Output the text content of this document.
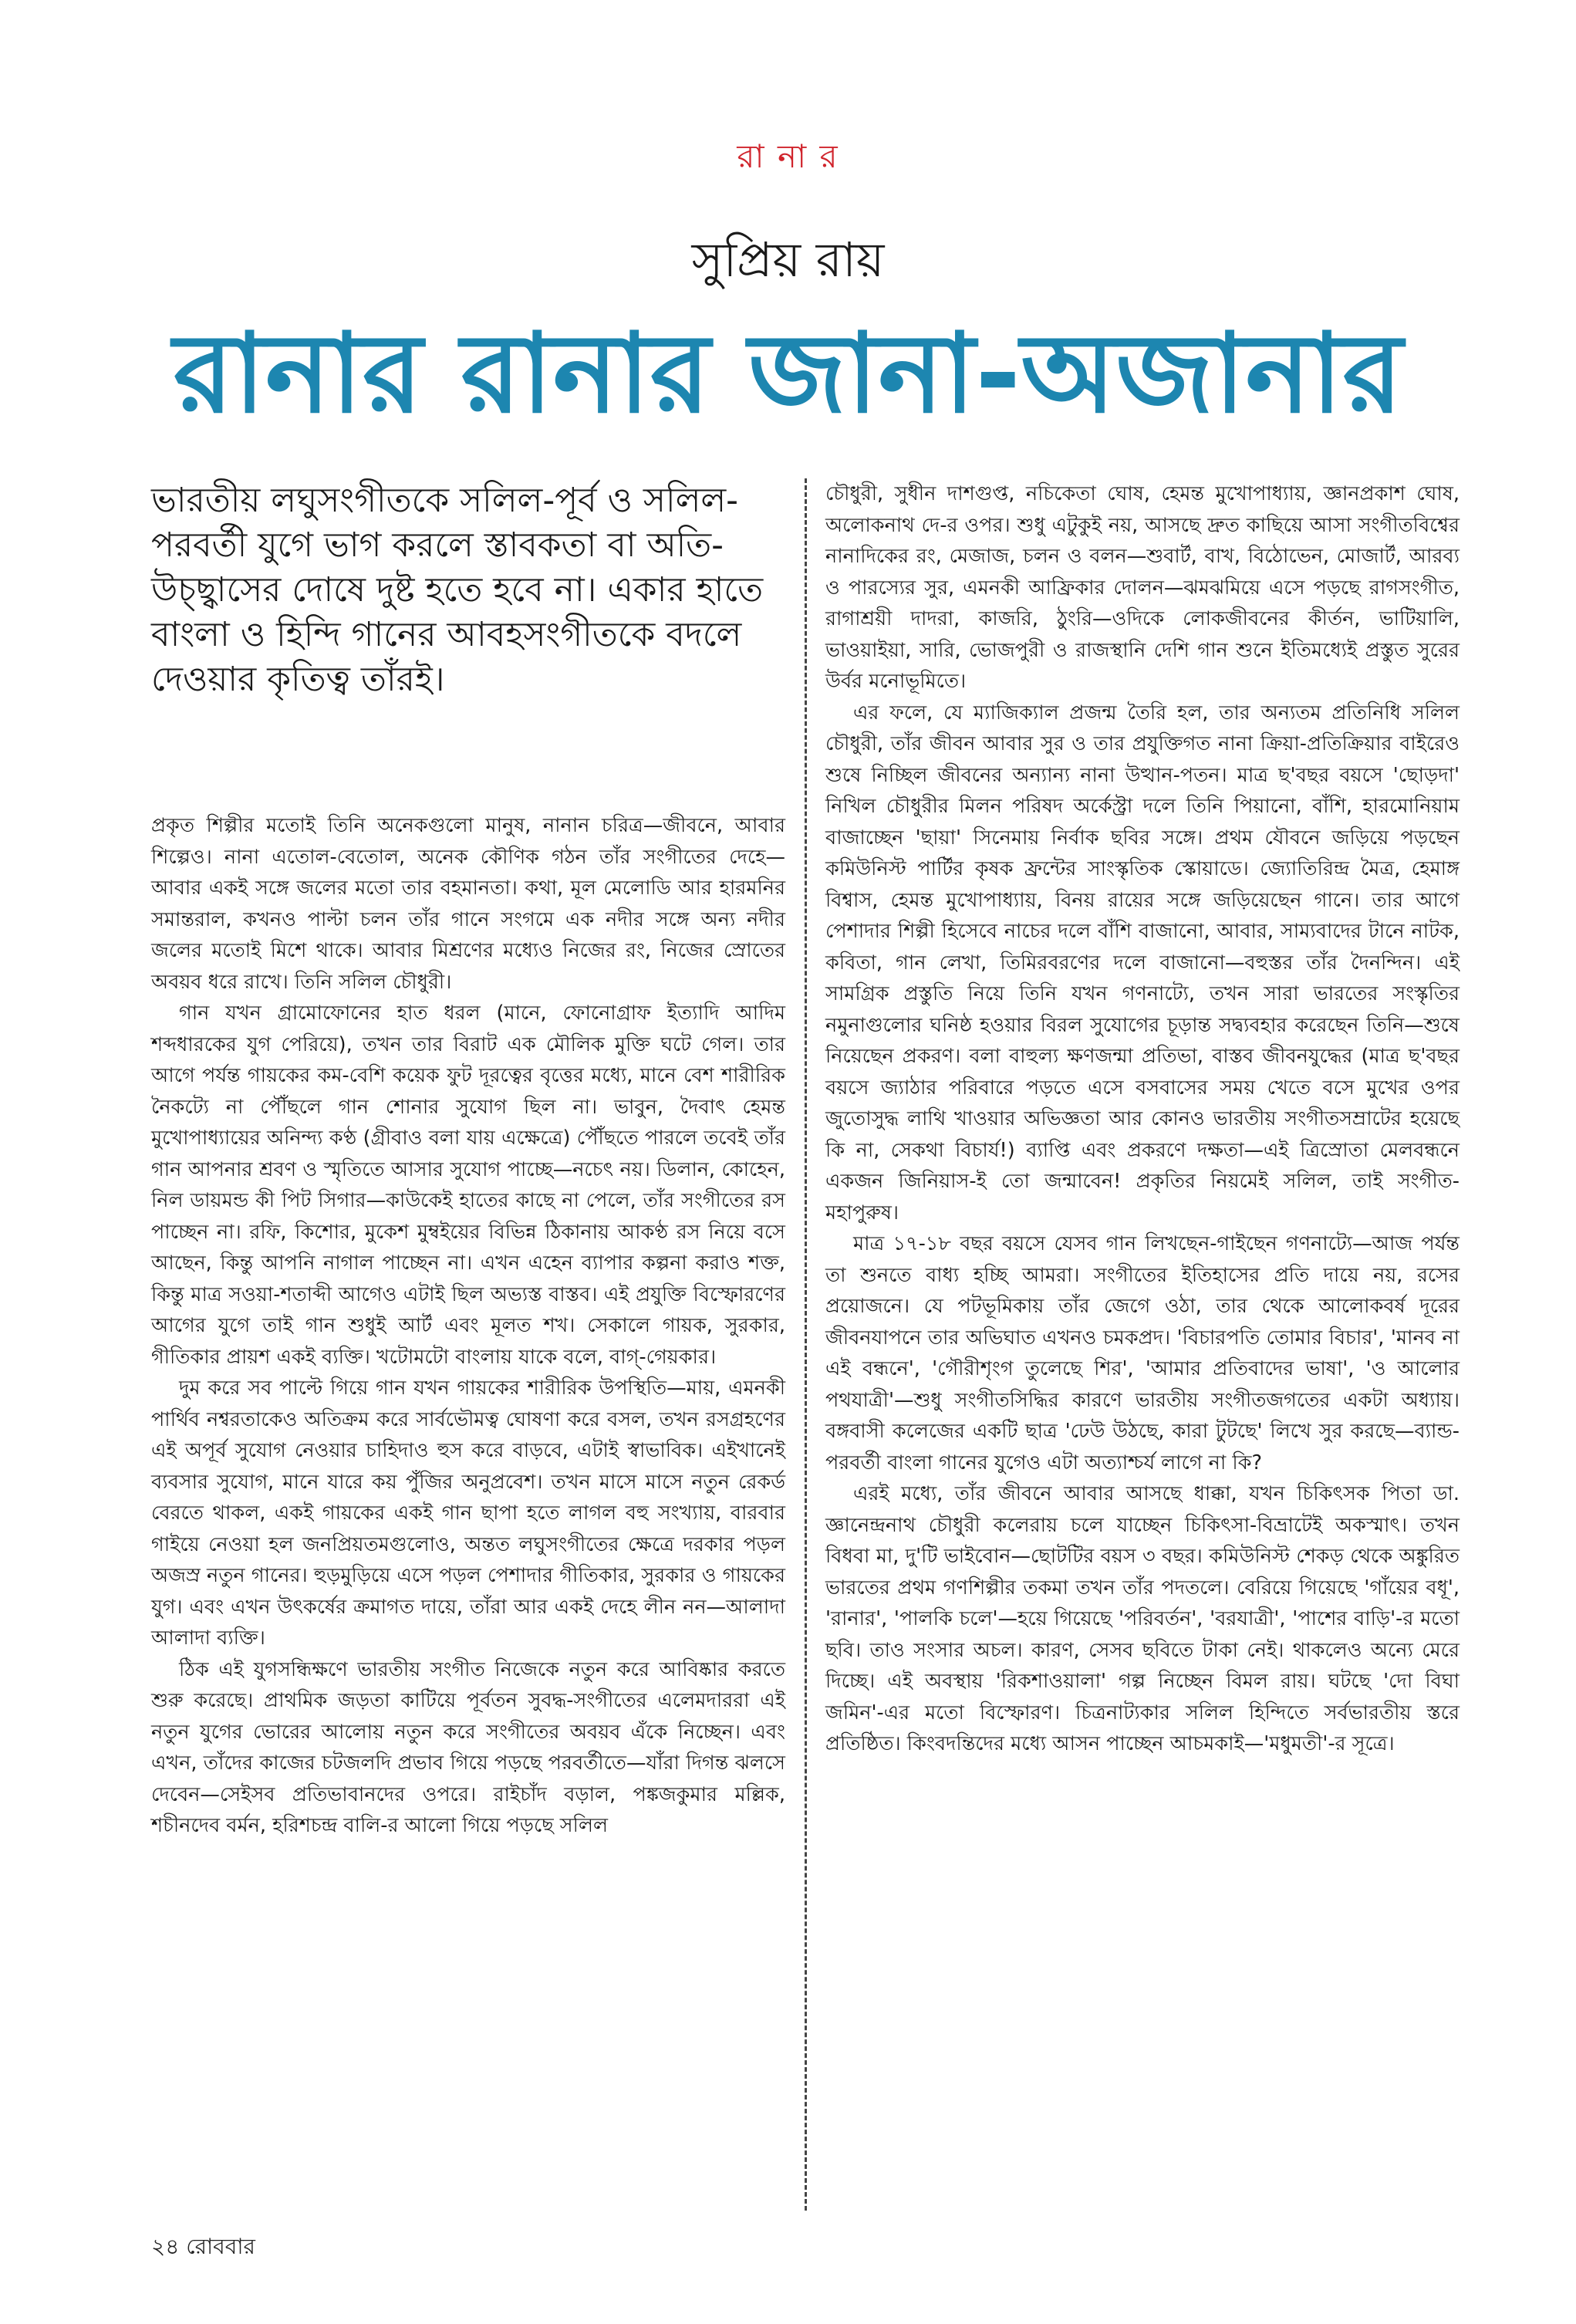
রা না র
সুপ্রিয় রায়
রানার রানার জানা-অজানার

ভারতীয় লঘুসংগীতকে সলিল-পূর্ব ও সলিল-পরবর্তী যুগে ভাগ করলে স্তাবকতা বা অতি-উচ্ছ্বাসের দোষে দুষ্ট হতে হবে না। একার হাতে বাংলা ও হিন্দি গানের আবহসংগীতকে বদলে দেওয়ার কৃতিত্ব তাঁরই।

প্রকৃত শিল্পীর মতোই তিনি অনেকগুলো মানুষ, নানান চরিত্র—জীবনে, আবার শিল্পেও। নানা এতোল-বেতোল, অনেক কৌণিক গঠন তাঁর সংগীতের দেহে—আবার একই সঙ্গে জলের মতো তার বহমানতা। কথা, মূল মেলোডি আর হারমনির সমান্তরাল, কখনও পাল্টা চলন তাঁর গানে সংগমে এক নদীর সঙ্গে অন্য নদীর জলের মতোই মিশে থাকে। আবার মিশ্রণের মধ্যেও নিজের রং, নিজের স্রোতের অবয়ব ধরে রাখে। তিনি সলিল চৌধুরী।

গান যখন গ্রামোফোনের হাত ধরল (মানে, ফোনোগ্রাফ ইত্যাদি আদিম শব্দধারকের যুগ পেরিয়ে), তখন তার বিরাট এক মৌলিক মুক্তি ঘটে গেল। তার আগে পর্যন্ত গায়কের কম-বেশি কয়েক ফুট দূরত্বের বৃত্তের মধ্যে, মানে বেশ শারীরিক নৈকট্যে না পৌঁছলে গান শোনার সুযোগ ছিল না। ভাবুন, দৈবাৎ হেমন্ত মুখোপাধ্যায়ের অনিন্দ্য কণ্ঠ (গ্রীবাও বলা যায় এক্ষেত্রে) পৌঁছতে পারলে তবেই তাঁর গান আপনার শ্রবণ ও স্মৃতিতে আসার সুযোগ পাচ্ছে—নচেৎ নয়। ডিলান, কোহেন, নিল ডায়মন্ড কী পিট সিগার—কাউকেই হাতের কাছে না পেলে, তাঁর সংগীতের রস পাচ্ছেন না। রফি, কিশোর, মুকেশ মুম্বইয়ের বিভিন্ন ঠিকানায় আকণ্ঠ রস নিয়ে বসে আছেন, কিন্তু আপনি নাগাল পাচ্ছেন না। এখন এহেন ব্যাপার কল্পনা করাও শক্ত, কিন্তু মাত্র সওয়া-শতাব্দী আগেও এটাই ছিল অভ্যস্ত বাস্তব। এই প্রযুক্তি বিস্ফোরণের আগের যুগে তাই গান শুধুই আর্ট এবং মূলত শখ। সেকালে গায়ক, সুরকার, গীতিকার প্রায়শ একই ব্যক্তি। খটোমটো বাংলায় যাকে বলে, বাগ্‌-গেয়কার।

দুম করে সব পাল্টে গিয়ে গান যখন গায়কের শারীরিক উপস্থিতি—মায়, এমনকী পার্থিব নশ্বরতাকেও অতিক্রম করে সার্বভৌমত্ব ঘোষণা করে বসল, তখন রসগ্রহণের এই অপূর্ব সুযোগ নেওয়ার চাহিদাও হুস করে বাড়বে, এটাই স্বাভাবিক। এইখানেই ব্যবসার সুযোগ, মানে যারে কয় পুঁজির অনুপ্রবেশ। তখন মাসে মাসে নতুন রেকর্ড বেরতে থাকল, একই গায়কের একই গান ছাপা হতে লাগল বহু সংখ্যায়, বারবার গাইয়ে নেওয়া হল জনপ্রিয়তমগুলোও, অন্তত লঘুসংগীতের ক্ষেত্রে দরকার পড়ল অজস্র নতুন গানের। হুড়মুড়িয়ে এসে পড়ল পেশাদার গীতিকার, সুরকার ও গায়কের যুগ। এবং এখন উৎকর্ষের ক্রমাগত দায়ে, তাঁরা আর একই দেহে লীন নন—আলাদা আলাদা ব্যক্তি।

ঠিক এই যুগসন্ধিক্ষণে ভারতীয় সংগীত নিজেকে নতুন করে আবিষ্কার করতে শুরু করেছে। প্রাথমিক জড়তা কাটিয়ে পূর্বতন সুবদ্ধ-সংগীতের এলেমদাররা এই নতুন যুগের ভোরের আলোয় নতুন করে সংগীতের অবয়ব এঁকে নিচ্ছেন। এবং এখন, তাঁদের কাজের চটজলদি প্রভাব গিয়ে পড়ছে পরবর্তীতে—যাঁরা দিগন্ত ঝলসে দেবেন—সেইসব প্রতিভাবানদের ওপরে। রাইচাঁদ বড়াল, পঙ্কজকুমার মল্লিক, শচীনদেব বর্মন, হরিশচন্দ্র বালি-র আলো গিয়ে পড়ছে সলিল

চৌধুরী, সুধীন দাশগুপ্ত, নচিকেতা ঘোষ, হেমন্ত মুখোপাধ্যায়, জ্ঞানপ্রকাশ ঘোষ, অলোকনাথ দে-র ওপর। শুধু এটুকুই নয়, আসছে দ্রুত কাছিয়ে আসা সংগীতবিশ্বের নানাদিকের রং, মেজাজ, চলন ও বলন—শুবার্ট, বাখ, বিঠোভেন, মোজার্ট, আরব্য ও পারস্যের সুর, এমনকী আফ্রিকার দোলন—ঝমঝমিয়ে এসে পড়ছে রাগসংগীত, রাগাশ্রয়ী দাদরা, কাজরি, ঠুংরি—ওদিকে লোকজীবনের কীর্তন, ভাটিয়ালি, ভাওয়াইয়া, সারি, ভোজপুরী ও রাজস্থানি দেশি গান শুনে ইতিমধ্যেই প্রস্তুত সুরের উর্বর মনোভূমিতে।

এর ফলে, যে ম্যাজিক্যাল প্রজন্ম তৈরি হল, তার অন্যতম প্রতিনিধি সলিল চৌধুরী, তাঁর জীবন আবার সুর ও তার প্রযুক্তিগত নানা ক্রিয়া-প্রতিক্রিয়ার বাইরেও শুষে নিচ্ছিল জীবনের অন্যান্য নানা উত্থান-পতন। মাত্র ছ'বছর বয়সে 'ছোড়দা' নিখিল চৌধুরীর মিলন পরিষদ অর্কেস্ট্রা দলে তিনি পিয়ানো, বাঁশি, হারমোনিয়াম বাজাচ্ছেন 'ছায়া' সিনেমায় নির্বাক ছবির সঙ্গে। প্রথম যৌবনে জড়িয়ে পড়ছেন কমিউনিস্ট পার্টির কৃষক ফ্রন্টের সাংস্কৃতিক স্কোয়াডে। জ্যোতিরিন্দ্র মৈত্র, হেমাঙ্গ বিশ্বাস, হেমন্ত মুখোপাধ্যায়, বিনয় রায়ের সঙ্গে জড়িয়েছেন গানে। তার আগে পেশাদার শিল্পী হিসেবে নাচের দলে বাঁশি বাজানো, আবার, সাম্যবাদের টানে নাটক, কবিতা, গান লেখা, তিমিরবরণের দলে বাজানো—বহুস্তর তাঁর দৈনন্দিন। এই সামগ্রিক প্রস্তুতি নিয়ে তিনি যখন গণনাট্যে, তখন সারা ভারতের সংস্কৃতির নমুনাগুলোর ঘনিষ্ঠ হওয়ার বিরল সুযোগের চূড়ান্ত সদ্ব্যবহার করেছেন তিনি—শুষে নিয়েছেন প্রকরণ। বলা বাহুল্য ক্ষণজন্মা প্রতিভা, বাস্তব জীবনযুদ্ধের (মাত্র ছ'বছর বয়সে জ্যাঠার পরিবারে পড়তে এসে বসবাসের সময় খেতে বসে মুখের ওপর জুতোসুদ্ধ লাথি খাওয়ার অভিজ্ঞতা আর কোনও ভারতীয় সংগীতসম্রাটের হয়েছে কি না, সেকথা বিচার্য!) ব্যাপ্তি এবং প্রকরণে দক্ষতা—এই ত্রিস্রোতা মেলবন্ধনে একজন জিনিয়াস-ই তো জন্মাবেন! প্রকৃতির নিয়মেই সলিল, তাই সংগীত-মহাপুরুষ।

মাত্র ১৭-১৮ বছর বয়সে যেসব গান লিখছেন-গাইছেন গণনাট্যে—আজ পর্যন্ত তা শুনতে বাধ্য হচ্ছি আমরা। সংগীতের ইতিহাসের প্রতি দায়ে নয়, রসের প্রয়োজনে। যে পটভূমিকায় তাঁর জেগে ওঠা, তার থেকে আলোকবর্ষ দূরের জীবনযাপনে তার অভিঘাত এখনও চমকপ্রদ। 'বিচারপতি তোমার বিচার', 'মানব না এই বন্ধনে', 'গৌরীশৃংগ তুলেছে শির', 'আমার প্রতিবাদের ভাষা', 'ও আলোর পথযাত্রী'—শুধু সংগীতসিদ্ধির কারণে ভারতীয় সংগীতজগতের একটা অধ্যায়। বঙ্গবাসী কলেজের একটি ছাত্র 'ঢেউ উঠছে, কারা টুটছে' লিখে সুর করছে—ব্যান্ড-পরবর্তী বাংলা গানের যুগেও এটা অত্যাশ্চর্য লাগে না কি?

এরই মধ্যে, তাঁর জীবনে আবার আসছে ধাক্কা, যখন চিকিৎসক পিতা ডা. জ্ঞানেন্দ্রনাথ চৌধুরী কলেরায় চলে যাচ্ছেন চিকিৎসা-বিভ্রাটেই অকস্মাৎ। তখন বিধবা মা, দু'টি ভাইবোন—ছোটটির বয়স ৩ বছর। কমিউনিস্ট শেকড় থেকে অঙ্কুরিত ভারতের প্রথম গণশিল্পীর তকমা তখন তাঁর পদতলে। বেরিয়ে গিয়েছে 'গাঁয়ের বধূ', 'রানার', 'পালকি চলে'—হয়ে গিয়েছে 'পরিবর্তন', 'বরযাত্রী', 'পাশের বাড়ি'-র মতো ছবি। তাও সংসার অচল। কারণ, সেসব ছবিতে টাকা নেই। থাকলেও অন্যে মেরে দিচ্ছে। এই অবস্থায় 'রিকশাওয়ালা' গল্প নিচ্ছেন বিমল রায়। ঘটছে 'দো বিঘা জমিন'-এর মতো বিস্ফোরণ। চিত্রনাট্যকার সলিল হিন্দিতে সর্বভারতীয় স্তরে প্রতিষ্ঠিত। কিংবদন্তিদের মধ্যে আসন পাচ্ছেন আচমকাই—'মধুমতী'-র সূত্রে।

২৪ রোববার
